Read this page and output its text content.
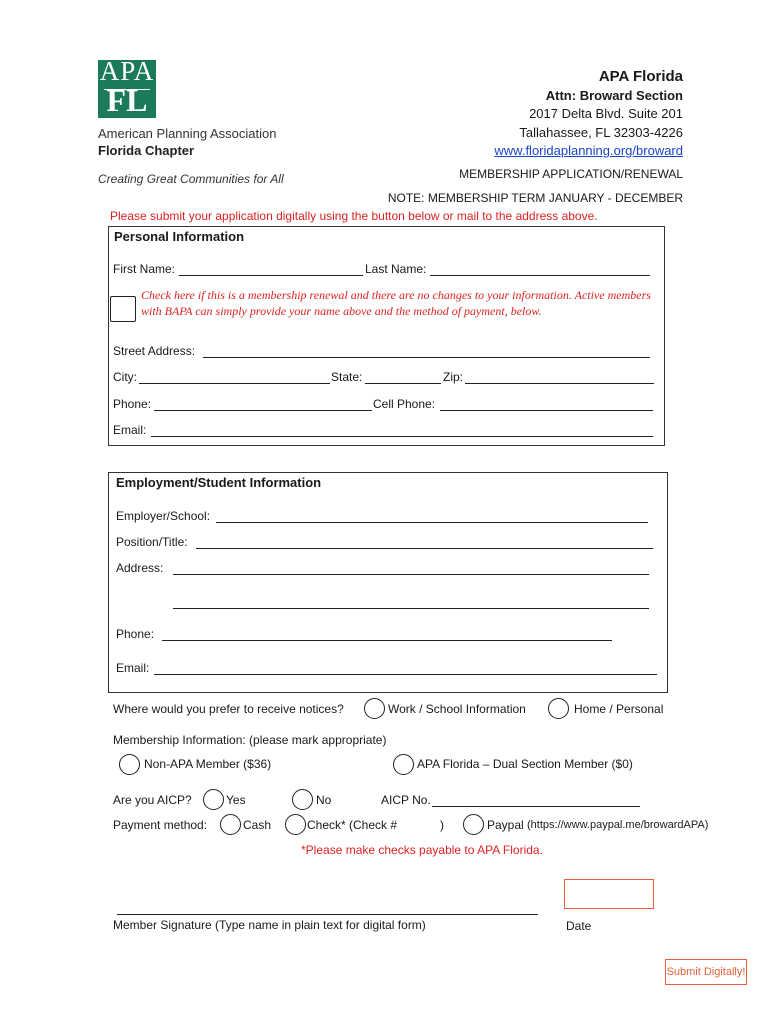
APA
FL
American Planning Association
Florida Chapter
Creating Great Communities for All
APA Florida
Attn: Broward Section
2017 Delta Blvd. Suite 201
Tallahassee, FL 32303-4226
www.floridaplanning.org/broward
MEMBERSHIP APPLICATION/RENEWAL
NOTE: MEMBERSHIP TERM JANUARY - DECEMBER
Please submit your application digitally using the button below or mail to the address above.
Personal Information
First Name:	Last Name:
Check here if this is a membership renewal and there are no changes to your information. Active members with BAPA can simply provide your name above and the method of payment, below.
Street Address:
City:	State:	Zip:
Phone:	Cell Phone:
Email:
Employment/Student Information
Employer/School:
Position/Title:
Address:
Phone:
Email:
Where would you prefer to receive notices?	Work / School Information	Home / Personal
Membership Information: (please mark appropriate)
Non-APA Member ($36)	APA Florida – Dual Section Member ($0)
Are you AICP?	Yes	No	AICP No.
Payment method:	Cash	Check* (Check #	)	Paypal (https://www.paypal.me/browardAPA)
*Please make checks payable to APA Florida.
Member Signature (Type name in plain text for digital form)	Date
Submit Digitally!
